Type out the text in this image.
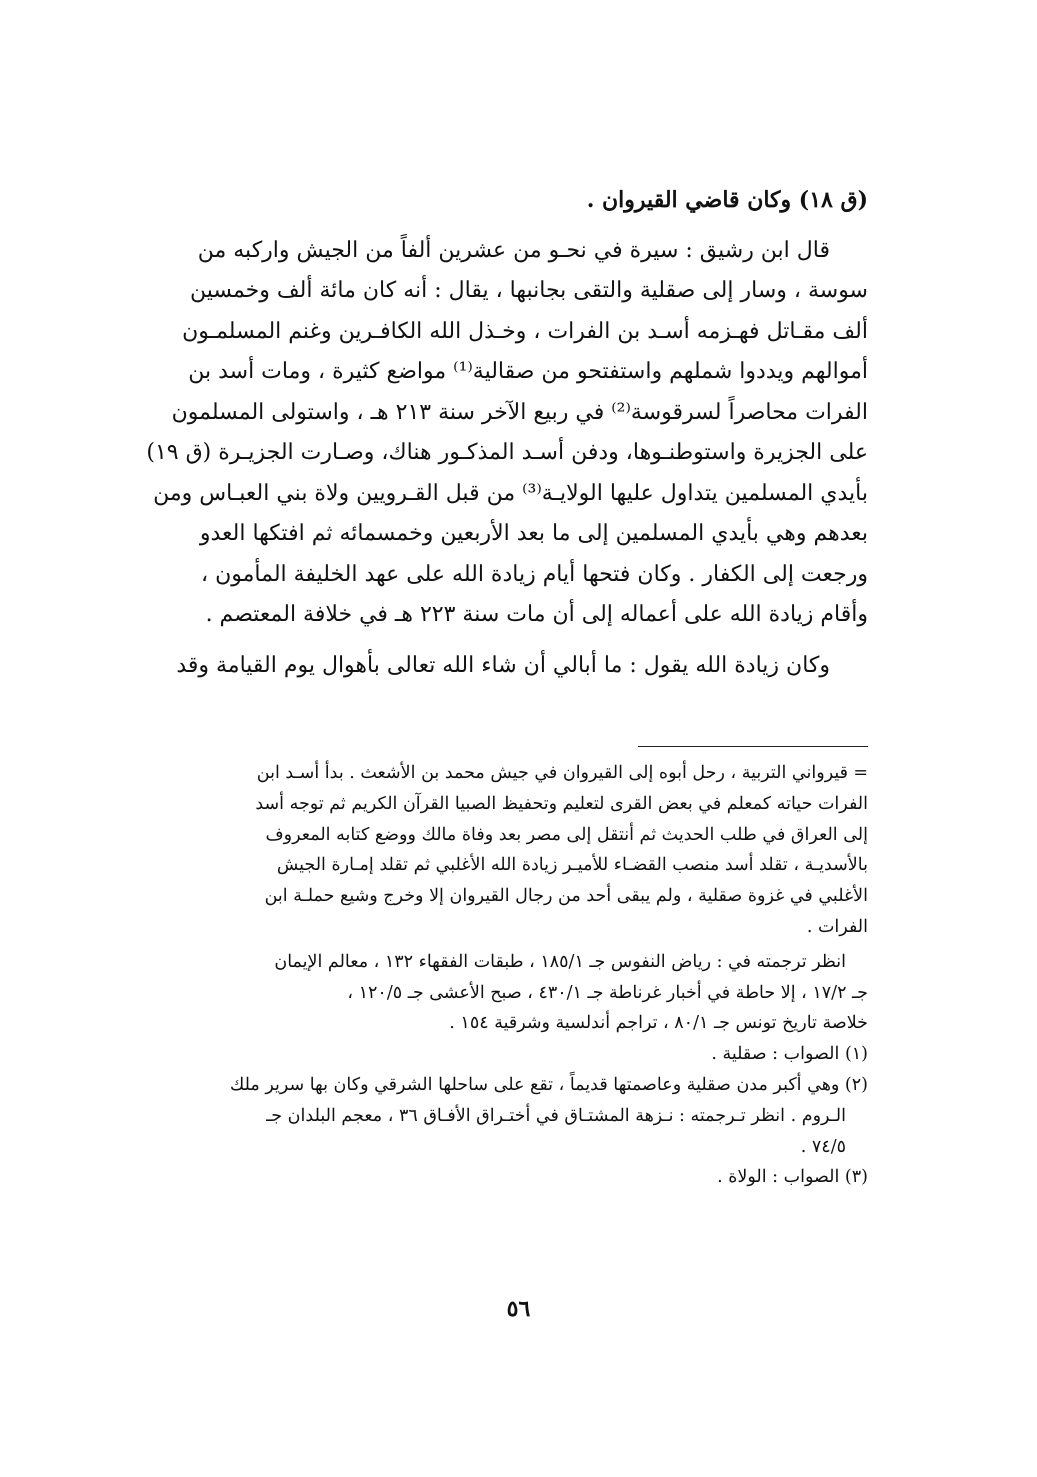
(ق ١٨) وكان قاضي القيروان .
قال ابن رشيق : سيرة في نحـو من عشرين ألفاً من الجيش واركبه من
سوسة ، وسار إلى صقلية والتقى بجانبها ، يقال : أنه كان مائة ألف وخمسين
ألف مقـاتل فهـزمه أسـد بن الفرات ، وخـذل الله الكافـرين وغنم المسلمـون
أموالهم ويددوا شملهم واستفتحو من صقالية⁽¹⁾ مواضع كثيرة ، ومات أسد بن
الفرات محاصراً لسرقوسة⁽²⁾ في ربيع الآخر سنة ٢١٣ هـ ، واستولى المسلمون
على الجزيرة واستوطنـوها، ودفن أسـد المذكـور هناك، وصـارت الجزيـرة (ق ١٩)
بأيدي المسلمين يتداول عليها الولايـة⁽³⁾ من قبل القـرويين ولاة بني العبـاس ومن
بعدهم وهي بأيدي المسلمين إلى ما بعد الأربعين وخمسمائه ثم افتكها العدو
ورجعت إلى الكفار . وكان فتحها أيام زيادة الله على عهد الخليفة المأمون ،
وأقام زيادة الله على أعماله إلى أن مات سنة ٢٢٣ هـ في خلافة المعتصم .
وكان زيادة الله يقول : ما أبالي أن شاء الله تعالى بأهوال يوم القيامة وقد
=قيرواني التربية ، رحل أبوه إلى القيروان في جيش محمد بن الأشعث . بدأ أسـد ابن
الفرات حياته كمعلم في بعض القرى لتعليم وتحفيظ الصبيا القرآن الكريم ثم توجه أسد
إلى العراق في طلب الحديث ثم أنتقل إلى مصر بعد وفاة مالك ووضع كتابه المعروف
بالأسديـة ، تقلد أسد منصب القضـاء للأميـر زيادة الله الأغلبي ثم تقلد إمـارة الجيش
الأغلبي في غزوة صقلية ، ولم يبقى أحد من رجال القيروان إلا وخرج وشيع حملـة ابن
الفرات .
انظر ترجمته في : رياض النفوس جـ ١٨٥/١ ، طبقات الفقهاء ١٣٢ ، معالم الإيمان
جـ ١٧/٢ ، إلا حاطة في أخبار غرناطة جـ ٤٣٠/١ ، صبح الأعشى جـ ١٢٠/٥ ،
خلاصة تاريخ تونس جـ ٨٠/١ ، تراجم أندلسية وشرقية ١٥٤ .
(١) الصواب : صقلية .
(٢) وهي أكبر مدن صقلية وعاصمتها قديماً ، تقع على ساحلها الشرقي وكان بها سرير ملك
الـروم . انظر تـرجمته : نـزهة المشتـاق في أختـراق الأفـاق ٣٦ ، معجم البلدان جـ
٧٤/٥ .
(٣) الصواب : الولاة .
٥٦
